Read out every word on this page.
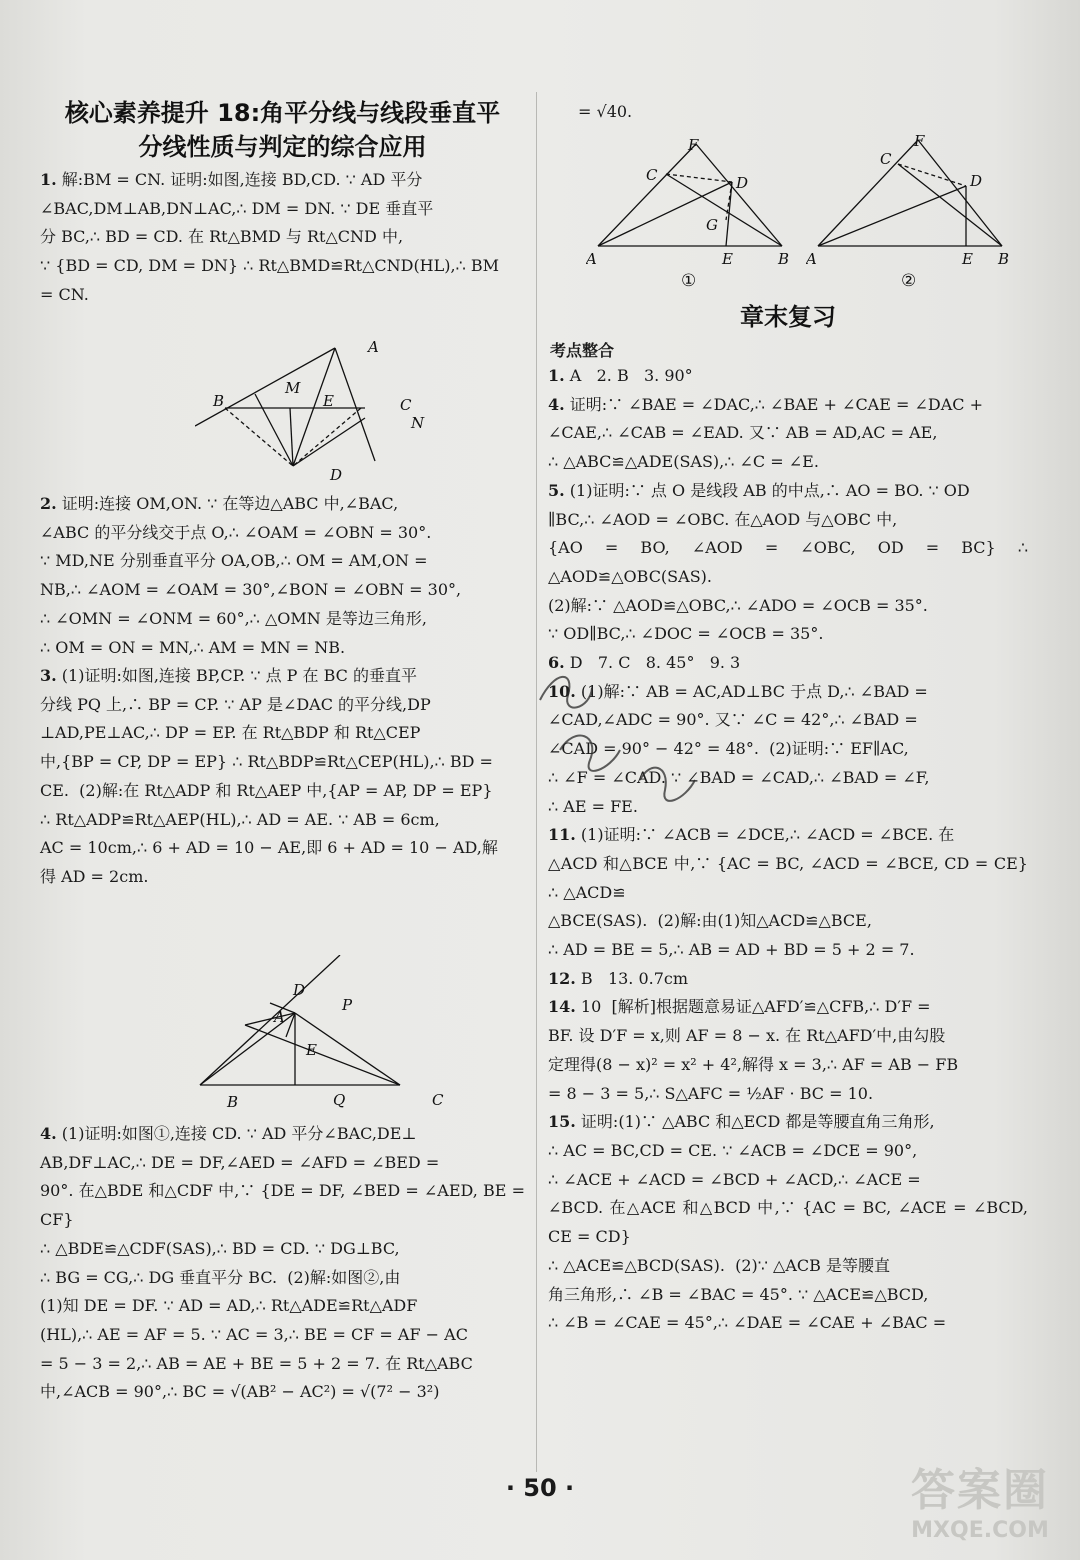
核心素养提升 18:角平分线与线段垂直平
分线性质与判定的综合应用

1. 解:BM = CN. 证明:如图,连接 BD,CD. ∵ AD 平分
∠BAC,DM⊥AB,DN⊥AC,∴ DM = DN. ∵ DE 垂直平
分 BC,∴ BD = CD. 在 Rt△BMD 与 Rt△CND 中,
∵ {BD = CD, DM = DN} ∴ Rt△BMD≌Rt△CND(HL),∴ BM
= CN.

A
B
M
E	C
N
D

2. 证明:连接 OM,ON. ∵ 在等边△ABC 中,∠BAC,
∠ABC 的平分线交于点 O,∴ ∠OAM = ∠OBN = 30°.
∵ MD,NE 分别垂直平分 OA,OB,∴ OM = AM,ON =
NB,∴ ∠AOM = ∠OAM = 30°,∠BON = ∠OBN = 30°,
∴ ∠OMN = ∠ONM = 60°,∴ △OMN 是等边三角形,
∴ OM = ON = MN,∴ AM = MN = NB.

3. (1)证明:如图,连接 BP,CP. ∵ 点 P 在 BC 的垂直平
分线 PQ 上,∴ BP = CP. ∵ AP 是∠DAC 的平分线,DP
⊥AD,PE⊥AC,∴ DP = EP. 在 Rt△BDP 和 Rt△CEP
中,{BP = CP, DP = EP} ∴ Rt△BDP≌Rt△CEP(HL),∴ BD =
CE.  (2)解:在 Rt△ADP 和 Rt△AEP 中,{AP = AP, DP = EP}
∴ Rt△ADP≌Rt△AEP(HL),∴ AD = AE. ∵ AB = 6cm,
AC = 10cm,∴ 6 + AD = 10 − AE,即 6 + AD = 10 − AD,解
得 AD = 2cm.

D
A
P
E
B	Q	C

4. (1)证明:如图①,连接 CD. ∵ AD 平分∠BAC,DE⊥
AB,DF⊥AC,∴ DE = DF,∠AED = ∠AFD = ∠BED =
90°. 在△BDE 和△CDF 中,∵ {DE = DF, ∠BED = ∠AED, BE = CF}
∴ △BDE≌△CDF(SAS),∴ BD = CD. ∵ DG⊥BC,
∴ BG = CG,∴ DG 垂直平分 BC.  (2)解:如图②,由
(1)知 DE = DF. ∵ AD = AD,∴ Rt△ADE≌Rt△ADF
(HL),∴ AE = AF = 5. ∵ AC = 3,∴ BE = CF = AF − AC
= 5 − 3 = 2,∴ AB = AE + BE = 5 + 2 = 7. 在 Rt△ABC
中,∠ACB = 90°,∴ BC = √(AB² − AC²) = √(7² − 3²)

= √40.

F
C	D
G
A	E	B
①
F
C
D
A	E B
②
章末复习
考点整合

1. A   2. B   3. 90°

4. 证明:∵ ∠BAE = ∠DAC,∴ ∠BAE + ∠CAE = ∠DAC +
∠CAE,∴ ∠CAB = ∠EAD. 又∵ AB = AD,AC = AE,
∴ △ABC≌△ADE(SAS),∴ ∠C = ∠E.

5. (1)证明:∵ 点 O 是线段 AB 的中点,∴ AO = BO. ∵ OD
∥BC,∴ ∠AOD = ∠OBC. 在△AOD 与△OBC 中,
{AO = BO, ∠AOD = ∠OBC, OD = BC} ∴ △AOD≌△OBC(SAS).
(2)解:∵ △AOD≌△OBC,∴ ∠ADO = ∠OCB = 35°.
∵ OD∥BC,∴ ∠DOC = ∠OCB = 35°.

6. D   7. C   8. 45°   9. 3

10. (1)解:∵ AB = AC,AD⊥BC 于点 D,∴ ∠BAD =
∠CAD,∠ADC = 90°. 又∵ ∠C = 42°,∴ ∠BAD =
∠CAD = 90° − 42° = 48°.  (2)证明:∵ EF∥AC,
∴ ∠F = ∠CAD. ∵ ∠BAD = ∠CAD,∴ ∠BAD = ∠F,
∴ AE = FE.

11. (1)证明:∵ ∠ACB = ∠DCE,∴ ∠ACD = ∠BCE. 在
△ACD 和△BCE 中,∵ {AC = BC, ∠ACD = ∠BCE, CD = CE} ∴ △ACD≌
△BCE(SAS).  (2)解:由(1)知△ACD≌△BCE,
∴ AD = BE = 5,∴ AB = AD + BD = 5 + 2 = 7.

12. B   13. 0.7cm

14. 10  [解析]根据题意易证△AFD′≌△CFB,∴ D′F =
BF. 设 D′F = x,则 AF = 8 − x. 在 Rt△AFD′中,由勾股
定理得(8 − x)² = x² + 4²,解得 x = 3,∴ AF = AB − FB
= 8 − 3 = 5,∴ S△AFC = ½AF · BC = 10.

15. 证明:(1)∵ △ABC 和△ECD 都是等腰直角三角形,
∴ AC = BC,CD = CE. ∵ ∠ACB = ∠DCE = 90°,
∴ ∠ACE + ∠ACD = ∠BCD + ∠ACD,∴ ∠ACE =
∠BCD. 在△ACE 和△BCD 中,∵ {AC = BC, ∠ACE = ∠BCD, CE = CD}
∴ △ACE≌△BCD(SAS).  (2)∵ △ACB 是等腰直
角三角形,∴ ∠B = ∠BAC = 45°. ∵ △ACE≌△BCD,
∴ ∠B = ∠CAE = 45°,∴ ∠DAE = ∠CAE + ∠BAC =

· 50 ·	答案圈
MXQE.COM
